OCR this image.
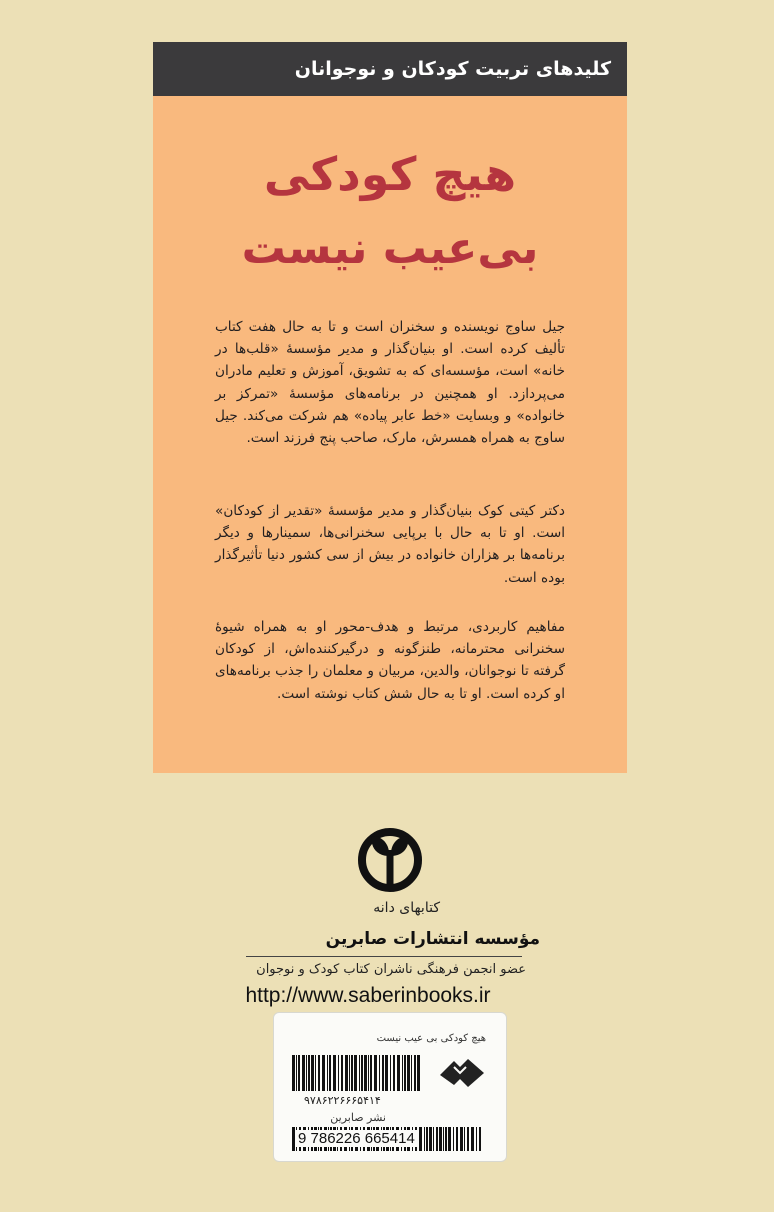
کلیدهای تربیت کودکان و نوجوانان
هیچ کودکی
بی‌عیب نیست

جیل ساوج نویسنده و سخنران است و تا به حال هفت کتاب تألیف کرده است. او بنیان‌گذار و مدیر مؤسسهٔ «قلب‌ها در خانه» است، مؤسسه‌ای که به تشویق، آموزش و تعلیم مادران می‌پردازد. او همچنین در برنامه‌های مؤسسهٔ «تمرکز بر خانواده» و وبسایت «خط عابر پیاده» هم شرکت می‌کند. جیل ساوج به همراه همسرش، مارک، صاحب پنج فرزند است.

دکتر کیتی کوک بنیان‌گذار و مدیر مؤسسهٔ «تقدیر از کودکان» است. او تا به حال با برپایی سخنرانی‌ها، سمینارها و دیگر برنامه‌ها بر هزاران خانواده در بیش از سی کشور دنیا تأثیرگذار بوده است.

مفاهیم کاربردی، مرتبط و هدف-محور او به همراه شیوهٔ سخنرانی محترمانه، طنزگونه و درگیرکننده‌اش، از کودکان گرفته تا نوجوانان، والدین، مربیان و معلمان را جذب برنامه‌های او کرده است. او تا به حال شش کتاب نوشته است.

کتابهای دانه
مؤسسه انتشارات صابرین
عضو انجمن فرهنگی ناشران کتاب کودک و نوجوان
http://www.saberinbooks.ir
هیچ کودکی بی عیب نیست
۹۷۸۶۲۲۶۶۶۵۴۱۴
نشر صابرین
9 786226 665414
